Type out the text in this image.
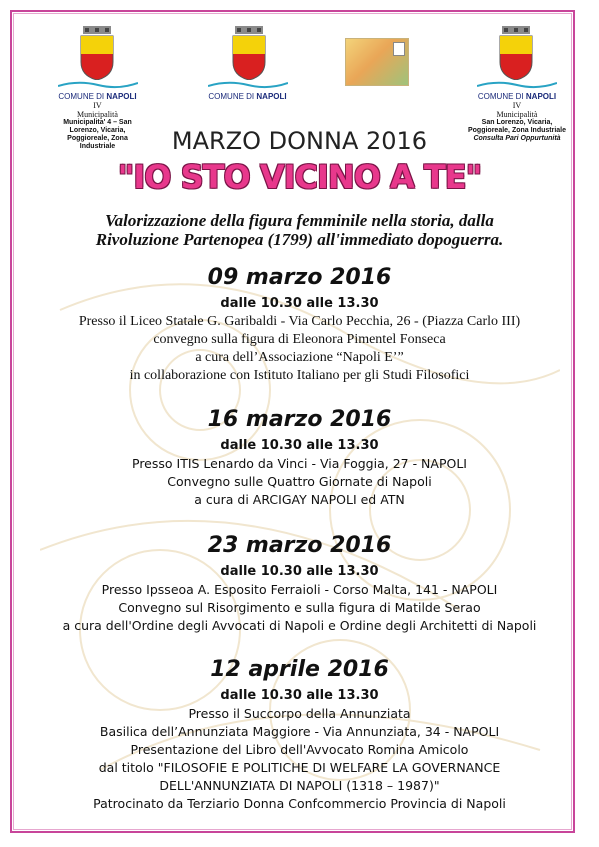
COMUNE DI NAPOLI
IV
Municipalità
Municipalita' 4 – San Lorenzo, Vicaria,
Poggioreale, Zona Industriale
COMUNE DI NAPOLI	COMUNE DI NAPOLI
IV
Municipalità
San Lorenzo, Vicaria,
Poggioreale, Zona Industriale
Consulta Pari Oppurtunità
MARZO DONNA 2016
"IO STO VICINO A TE"
Valorizzazione della figura femminile nella storia, dalla
Rivoluzione Partenopea (1799) all'immediato dopoguerra.
09 marzo 2016
dalle 10.30 alle 13.30
Presso il Liceo Statale G. Garibaldi - Via Carlo Pecchia, 26 - (Piazza Carlo III)
convegno sulla figura di Eleonora Pimentel Fonseca
a cura dell’Associazione “Napoli E’”
in collaborazione con Istituto Italiano per gli Studi Filosofici
16 marzo 2016
dalle 10.30 alle 13.30
Presso ITIS Lenardo da Vinci - Via Foggia, 27 - NAPOLI
Convegno sulle Quattro Giornate di Napoli
a cura di ARCIGAY NAPOLI ed ATN
23 marzo 2016
dalle 10.30 alle 13.30
Presso Ipsseoa A. Esposito Ferraioli - Corso Malta, 141 - NAPOLI
Convegno sul Risorgimento e sulla figura di Matilde Serao
a cura dell'Ordine degli Avvocati di Napoli e Ordine degli Architetti di Napoli
12 aprile 2016
dalle 10.30 alle 13.30
Presso il Succorpo della Annunziata
Basilica dell’Annunziata Maggiore - Via Annunziata, 34 - NAPOLI
Presentazione del Libro dell'Avvocato Romina Amicolo
dal titolo "FILOSOFIE E POLITICHE DI WELFARE LA GOVERNANCE
DELL'ANNUNZIATA DI NAPOLI (1318 – 1987)"
Patrocinato da Terziario Donna Confcommercio Provincia di Napoli
